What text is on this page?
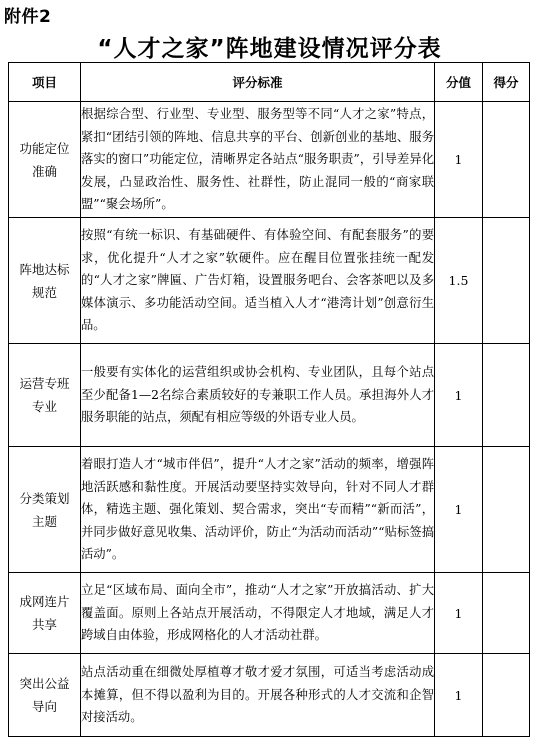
附件2
“人才之家”阵地建设情况评分表
项目	评分标准	分值	得分
功能定位准确	根据综合型、行业型、专业型、服务型等不同“人才之家”特点，紧扣“团结引领的阵地、信息共享的平台、创新创业的基地、服务落实的窗口”功能定位，清晰界定各站点“服务职责”，引导差异化发展，凸显政治性、服务性、社群性，防止混同一般的“商家联盟”“聚会场所”。	1	
阵地达标规范	按照“有统一标识、有基础硬件、有体验空间、有配套服务”的要求，优化提升“人才之家”软硬件。应在醒目位置张挂统一配发的“人才之家”牌匾、广告灯箱，设置服务吧台、会客茶吧以及多媒体演示、多功能活动空间。适当植入人才“港湾计划”创意衍生品。	1.5	
运营专班专业	一般要有实体化的运营组织或协会机构、专业团队，且每个站点至少配备1—2名综合素质较好的专兼职工作人员。承担海外人才服务职能的站点，须配有相应等级的外语专业人员。	1	
分类策划主题	着眼打造人才“城市伴侣”，提升“人才之家”活动的频率，增强阵地活跃感和黏性度。开展活动要坚持实效导向，针对不同人才群体，精选主题、强化策划、契合需求，突出“专而精”“新而活”，并同步做好意见收集、活动评价，防止“为活动而活动”“贴标签搞活动”。	1	
成网连片共享	立足“区域布局、面向全市”，推动“人才之家”开放搞活动、扩大覆盖面。原则上各站点开展活动，不得限定人才地域，满足人才跨域自由体验，形成网格化的人才活动社群。	1	
突出公益导向	站点活动重在细微处厚植尊才敬才爱才氛围，可适当考虑活动成本摊算，但不得以盈利为目的。开展各种形式的人才交流和企智对接活动。	1	
